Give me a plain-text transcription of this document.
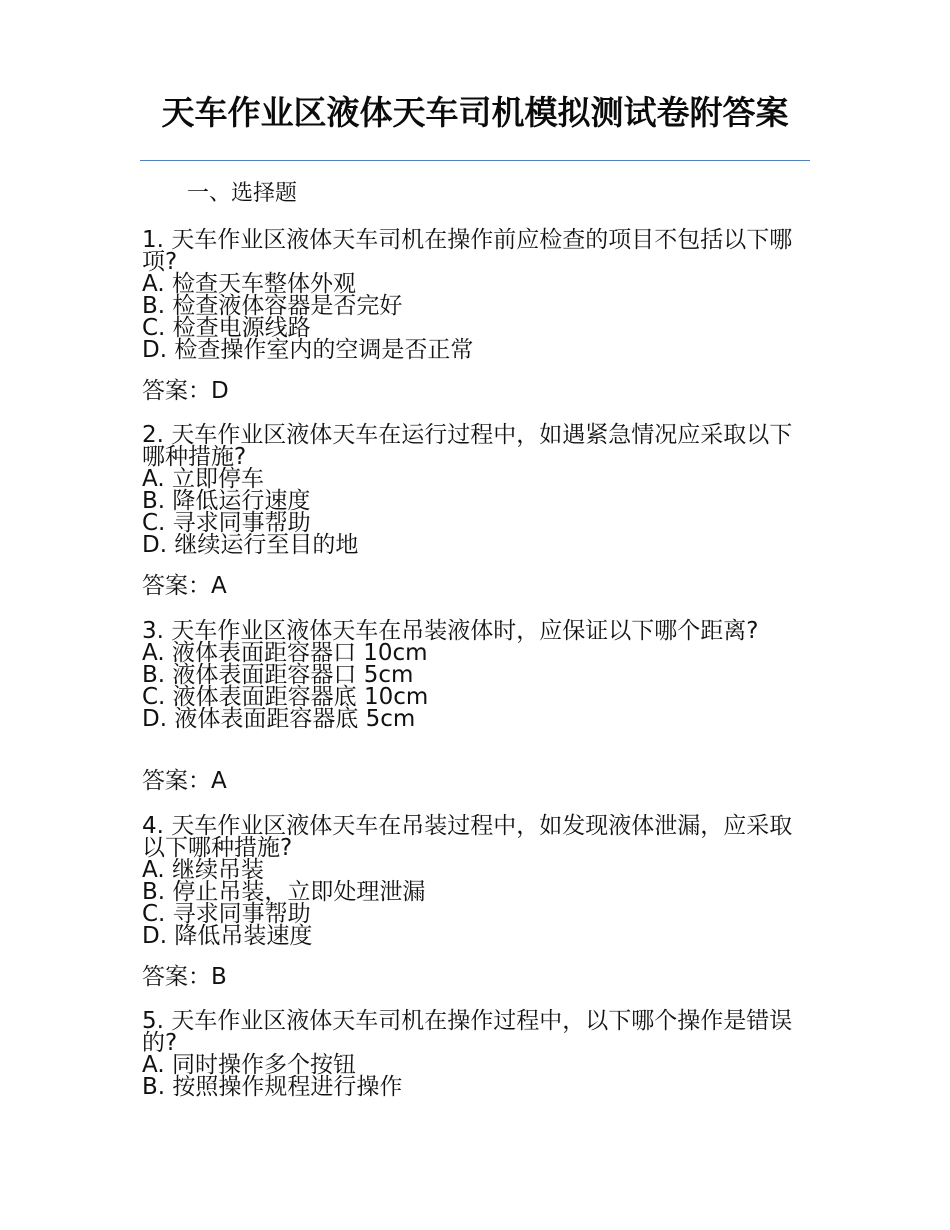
天车作业区液体天车司机模拟测试卷附答案
一、选择题
1. 天车作业区液体天车司机在操作前应检查的项目不包括以下哪项?
A. 检查天车整体外观
B. 检查液体容器是否完好
C. 检查电源线路
D. 检查操作室内的空调是否正常
答案：D
2. 天车作业区液体天车在运行过程中，如遇紧急情况应采取以下哪种措施?
A. 立即停车
B. 降低运行速度
C. 寻求同事帮助
D. 继续运行至目的地
答案：A
3. 天车作业区液体天车在吊装液体时，应保证以下哪个距离?
A. 液体表面距容器口 10cm
B. 液体表面距容器口 5cm
C. 液体表面距容器底 10cm
D. 液体表面距容器底 5cm
答案：A
4. 天车作业区液体天车在吊装过程中，如发现液体泄漏，应采取以下哪种措施?
A. 继续吊装
B. 停止吊装，立即处理泄漏
C. 寻求同事帮助
D. 降低吊装速度
答案：B
5. 天车作业区液体天车司机在操作过程中，以下哪个操作是错误的?
A. 同时操作多个按钮
B. 按照操作规程进行操作
